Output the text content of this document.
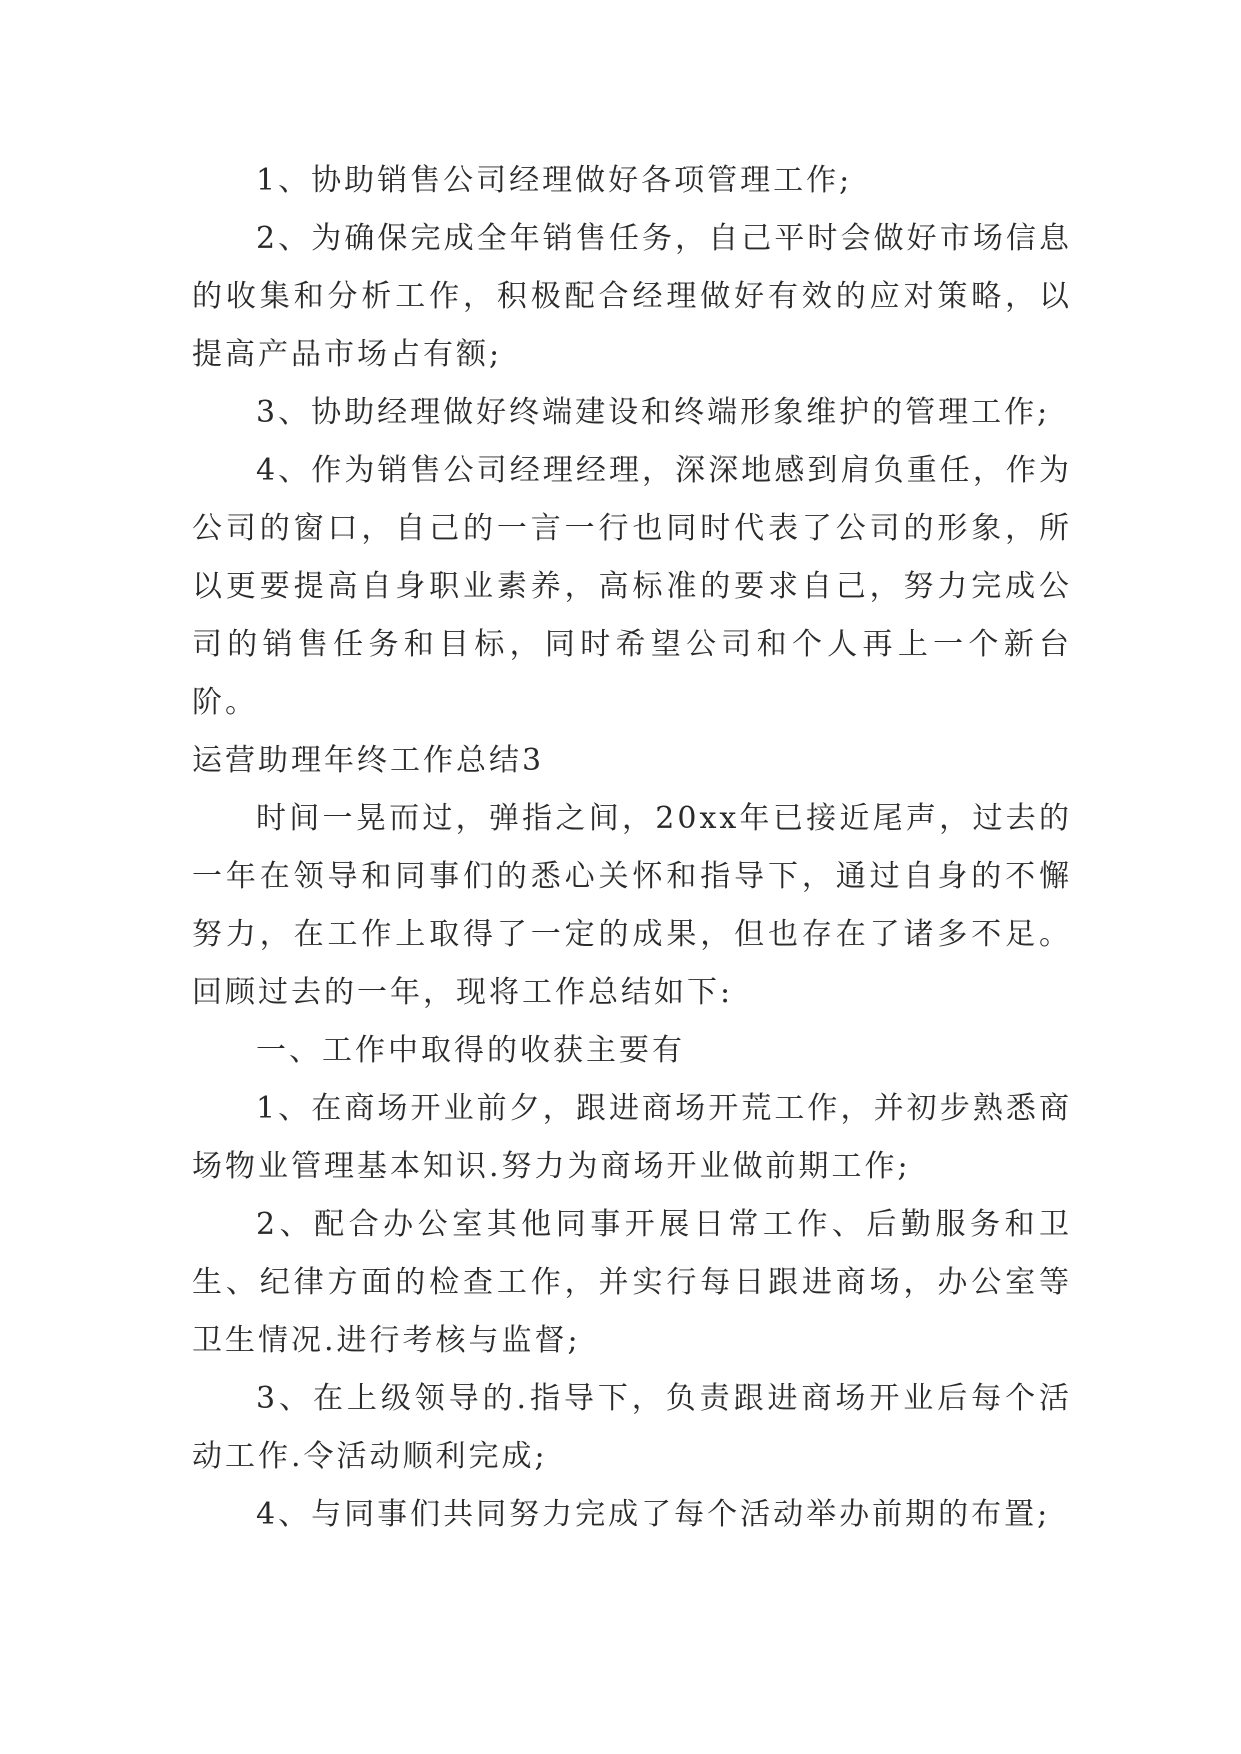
1、协助销售公司经理做好各项管理工作;

2、为确保完成全年销售任务，自己平时会做好市场信息的收集和分析工作，积极配合经理做好有效的应对策略，以提高产品市场占有额;

3、协助经理做好终端建设和终端形象维护的管理工作;

4、作为销售公司经理经理，深深地感到肩负重任，作为公司的窗口，自己的一言一行也同时代表了公司的形象，所以更要提高自身职业素养，高标准的要求自己，努力完成公司的销售任务和目标，同时希望公司和个人再上一个新台阶。

运营助理年终工作总结3

时间一晃而过，弹指之间，20xx年已接近尾声，过去的一年在领导和同事们的悉心关怀和指导下，通过自身的不懈努力，在工作上取得了一定的成果，但也存在了诸多不足。回顾过去的一年，现将工作总结如下:

一、工作中取得的收获主要有

1、在商场开业前夕，跟进商场开荒工作，并初步熟悉商场物业管理基本知识.努力为商场开业做前期工作;

2、配合办公室其他同事开展日常工作、后勤服务和卫生、纪律方面的检查工作，并实行每日跟进商场，办公室等卫生情况.进行考核与监督;

3、在上级领导的.指导下，负责跟进商场开业后每个活动工作.令活动顺利完成;

4、与同事们共同努力完成了每个活动举办前期的布置;
